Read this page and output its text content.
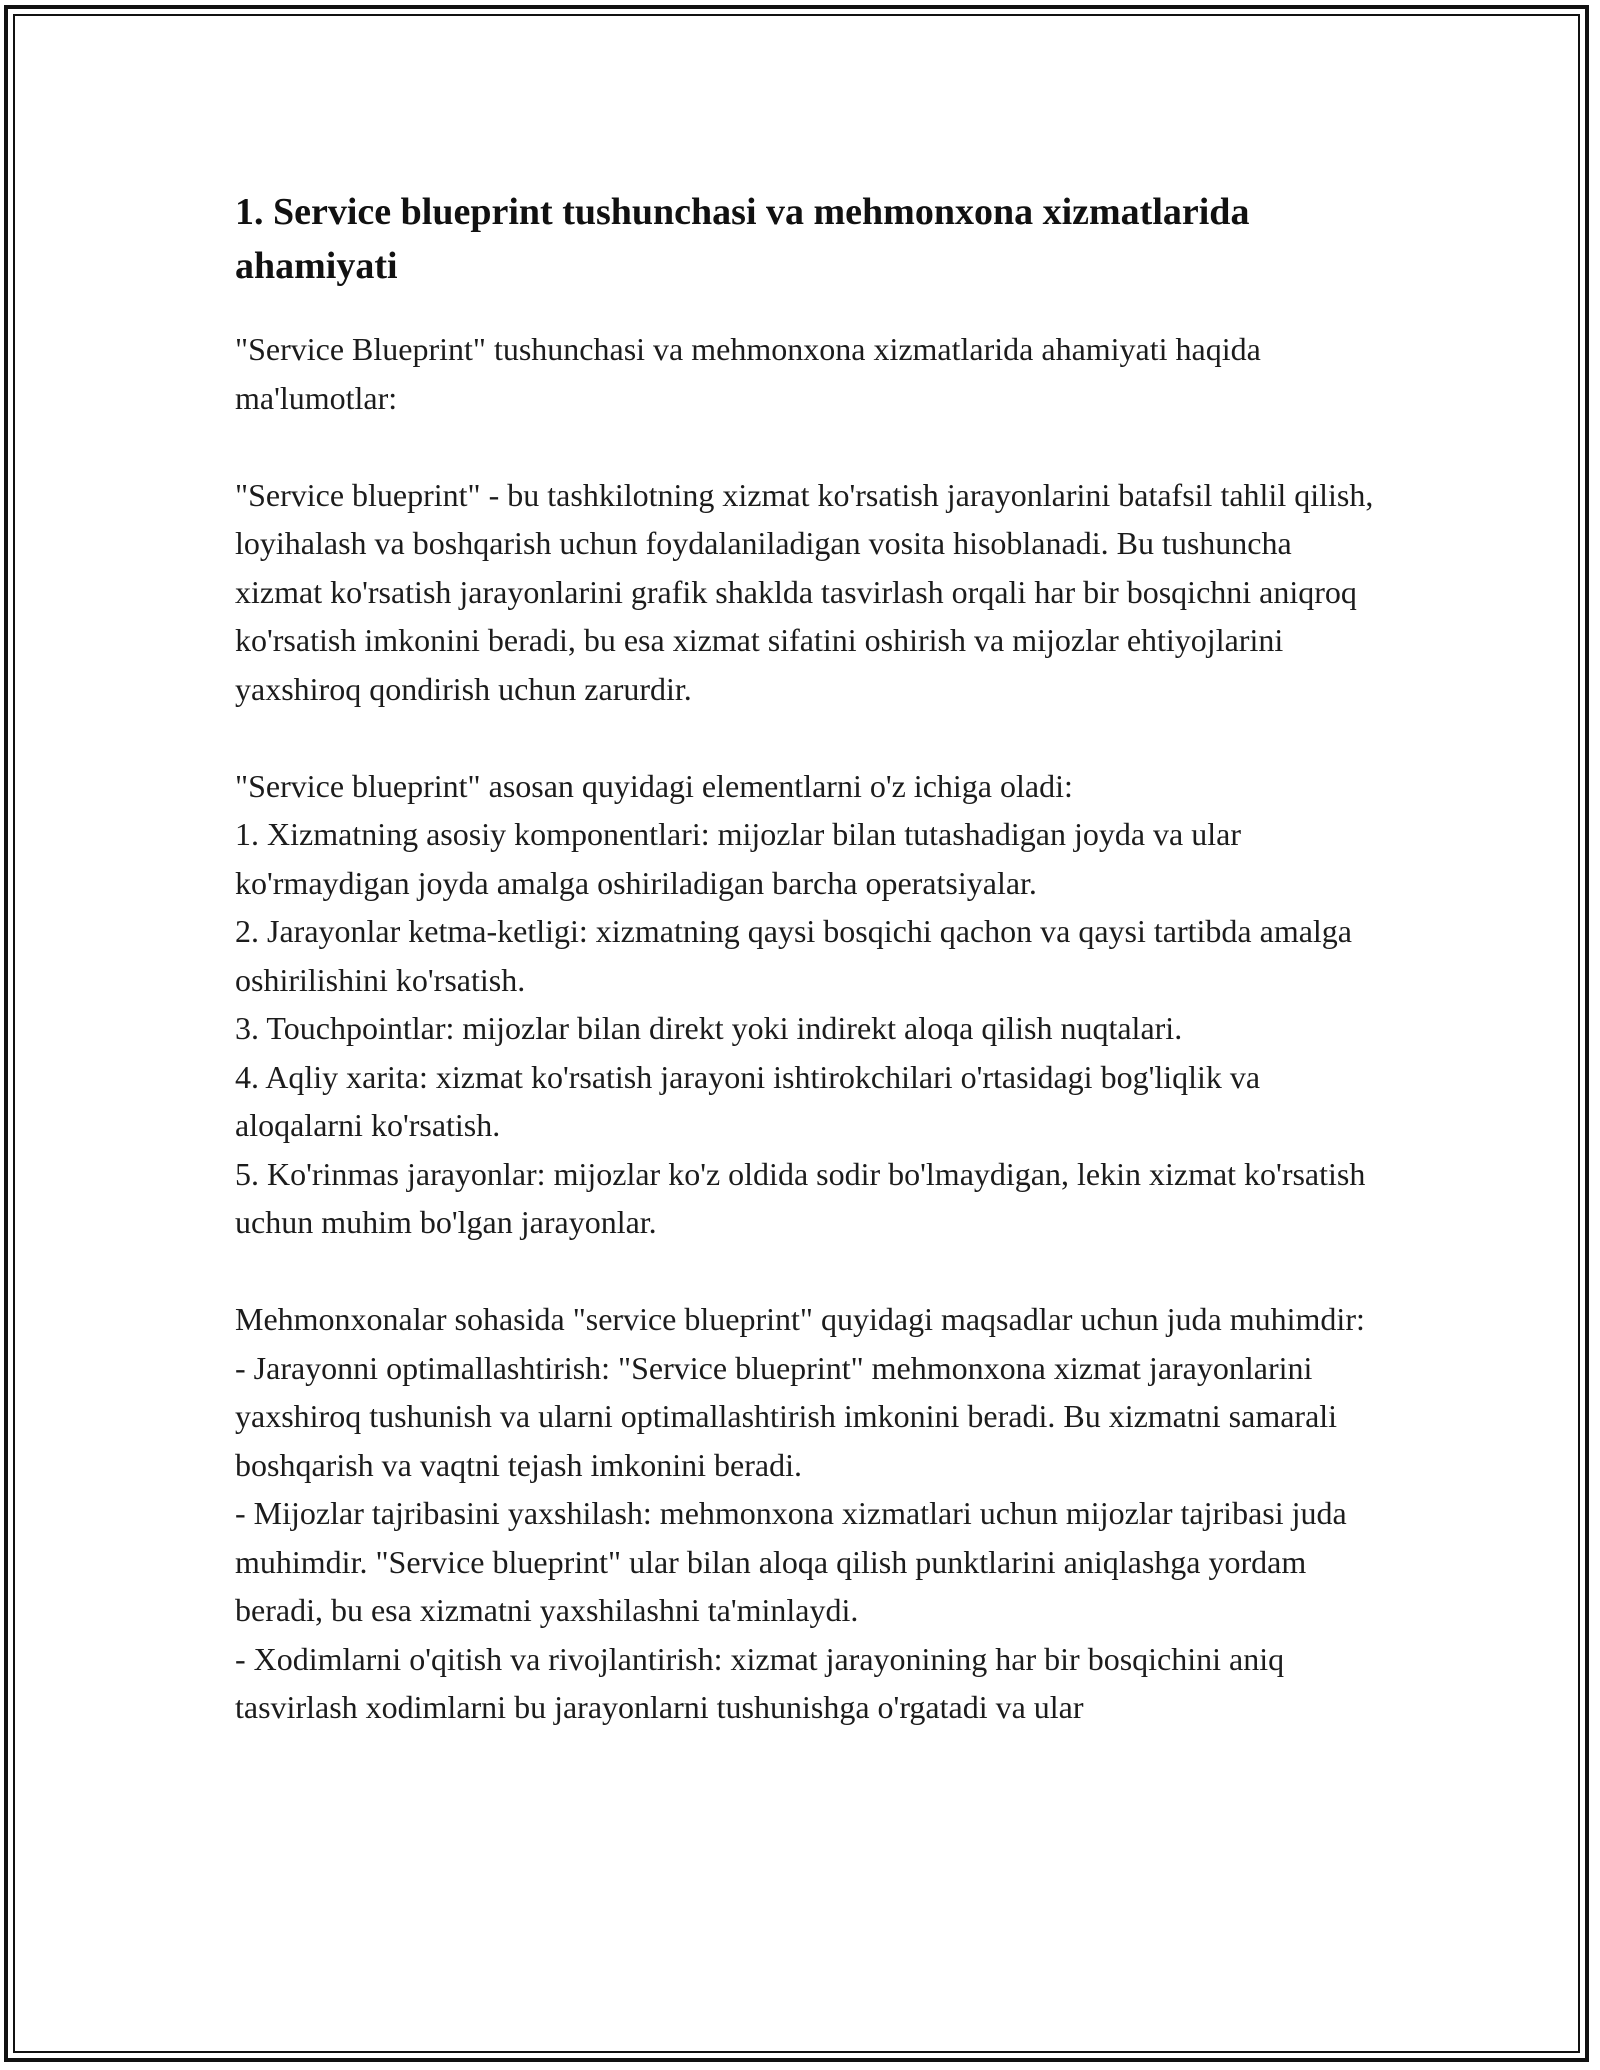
1. Service blueprint tushunchasi va mehmonxona xizmatlarida ahamiyati

"Service Blueprint" tushunchasi va mehmonxona xizmatlarida ahamiyati haqida ma'lumotlar:

"Service blueprint" - bu tashkilotning xizmat ko'rsatish jarayonlarini batafsil tahlil qilish, loyihalash va boshqarish uchun foydalaniladigan vosita hisoblanadi. Bu tushuncha xizmat ko'rsatish jarayonlarini grafik shaklda tasvirlash orqali har bir bosqichni aniqroq ko'rsatish imkonini beradi, bu esa xizmat sifatini oshirish va mijozlar ehtiyojlarini yaxshiroq qondirish uchun zarurdir.

"Service blueprint" asosan quyidagi elementlarni o'z ichiga oladi:

1. Xizmatning asosiy komponentlari: mijozlar bilan tutashadigan joyda va ular ko'rmaydigan joyda amalga oshiriladigan barcha operatsiyalar.

2. Jarayonlar ketma-ketligi: xizmatning qaysi bosqichi qachon va qaysi tartibda amalga oshirilishini ko'rsatish.

3. Touchpointlar: mijozlar bilan direkt yoki indirekt aloqa qilish nuqtalari.

4. Aqliy xarita: xizmat ko'rsatish jarayoni ishtirokchilari o'rtasidagi bog'liqlik va aloqalarni ko'rsatish.

5. Ko'rinmas jarayonlar: mijozlar ko'z oldida sodir bo'lmaydigan, lekin xizmat ko'rsatish uchun muhim bo'lgan jarayonlar.

Mehmonxonalar sohasida "service blueprint" quyidagi maqsadlar uchun juda muhimdir:

- Jarayonni optimallashtirish: "Service blueprint" mehmonxona xizmat jarayonlarini yaxshiroq tushunish va ularni optimallashtirish imkonini beradi. Bu xizmatni samarali boshqarish va vaqtni tejash imkonini beradi.

- Mijozlar tajribasini yaxshilash: mehmonxona xizmatlari uchun mijozlar tajribasi juda muhimdir. "Service blueprint" ular bilan aloqa qilish punktlarini aniqlashga yordam beradi, bu esa xizmatni yaxshilashni ta'minlaydi.

- Xodimlarni o'qitish va rivojlantirish: xizmat jarayonining har bir bosqichini aniq tasvirlash xodimlarni bu jarayonlarni tushunishga o'rgatadi va ular
